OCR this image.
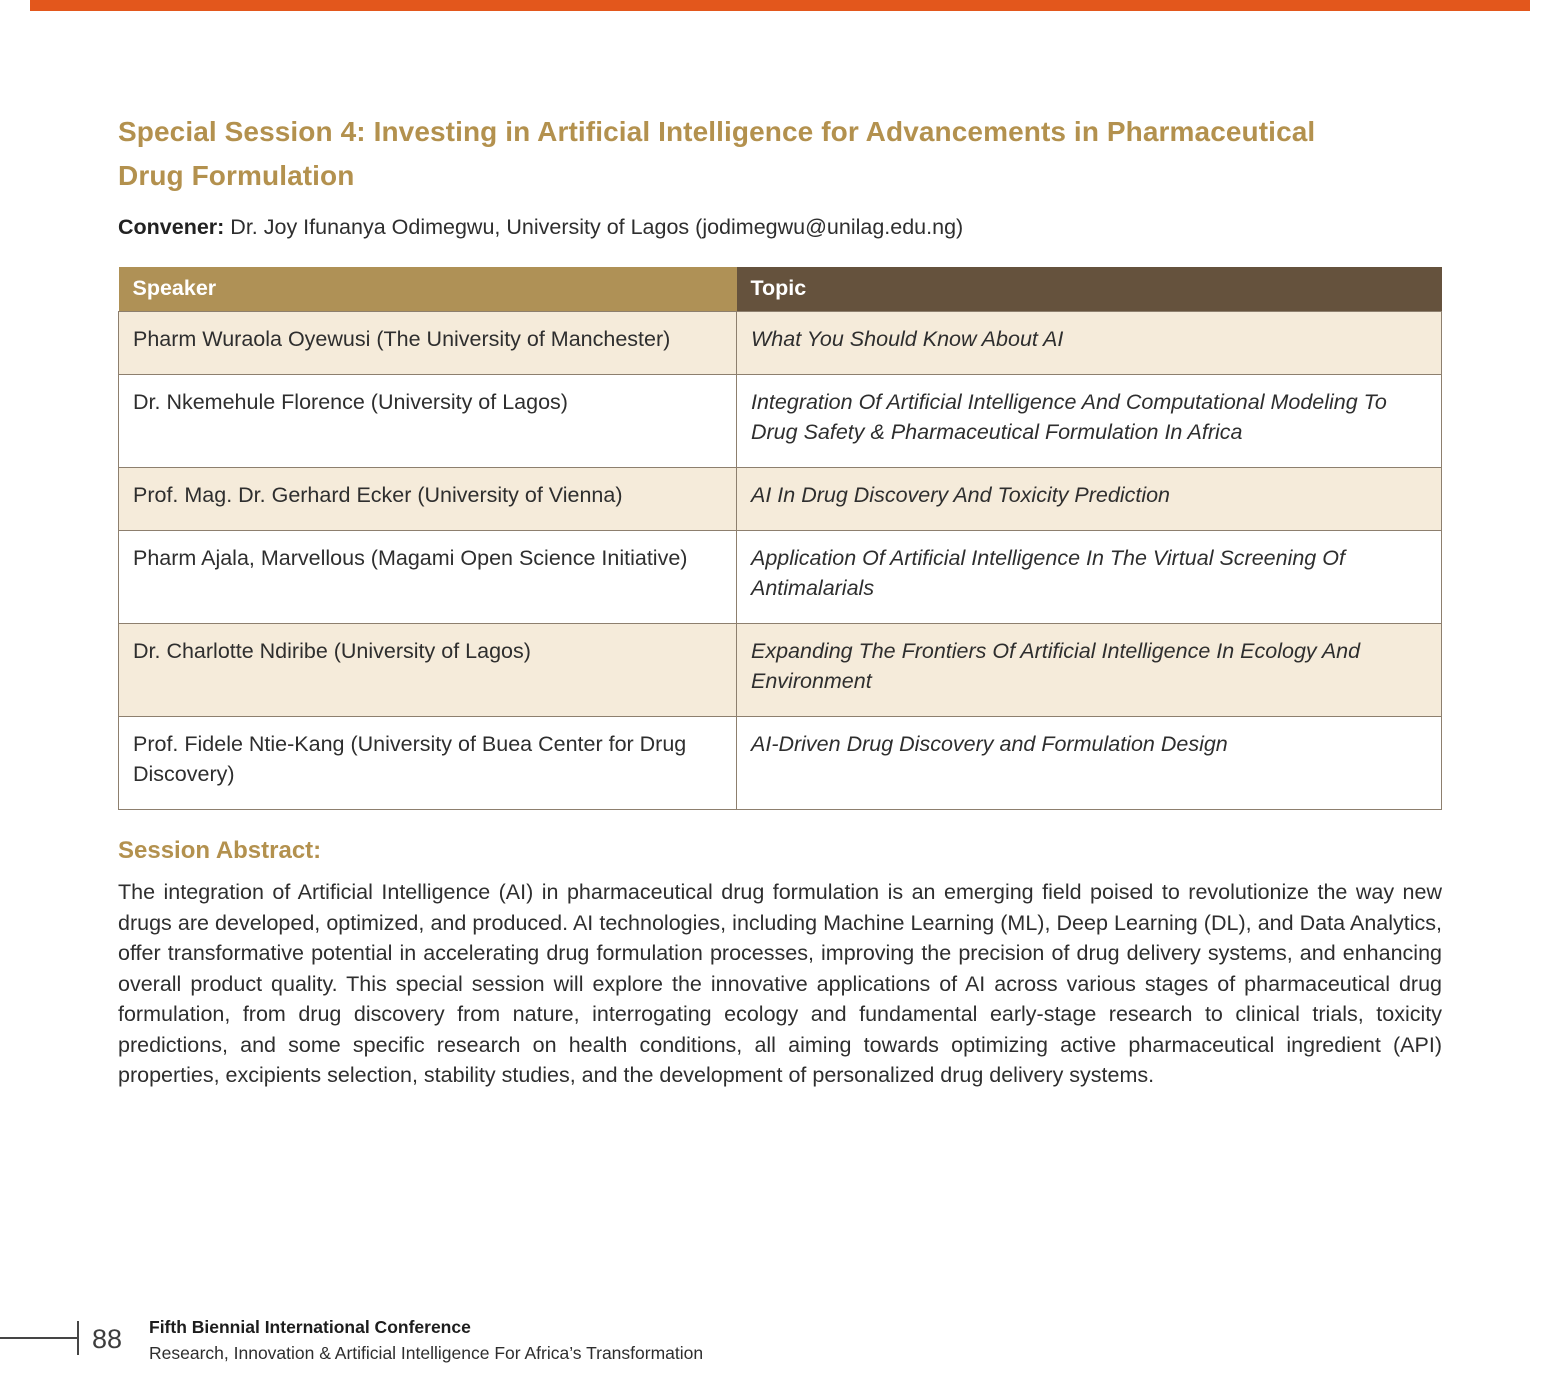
Special Session 4: Investing in Artificial Intelligence for Advancements in Pharmaceutical Drug Formulation
Convener: Dr. Joy Ifunanya Odimegwu, University of Lagos (jodimegwu@unilag.edu.ng)
Speaker	Topic
Pharm Wuraola Oyewusi (The University of Manchester)	What You Should Know About AI
Dr. Nkemehule Florence (University of Lagos)	Integration Of Artificial Intelligence And Computational Modeling To Drug Safety & Pharmaceutical Formulation In Africa
Prof. Mag. Dr. Gerhard Ecker (University of Vienna)	AI In Drug Discovery And Toxicity Prediction
Pharm Ajala, Marvellous (Magami Open Science Initiative)	Application Of Artificial Intelligence In The Virtual Screening Of Antimalarials
Dr. Charlotte Ndiribe (University of Lagos)	Expanding The Frontiers Of Artificial Intelligence In Ecology And Environment
Prof. Fidele Ntie-Kang (University of Buea Center for Drug Discovery)	AI-Driven Drug Discovery and Formulation Design
Session Abstract:
The integration of Artificial Intelligence (AI) in pharmaceutical drug formulation is an emerging field poised to revolutionize the way new drugs are developed, optimized, and produced. AI technologies, including Machine Learning (ML), Deep Learning (DL), and Data Analytics, offer transformative potential in accelerating drug formulation processes, improving the precision of drug delivery systems, and enhancing overall product quality. This special session will explore the innovative applications of AI across various stages of pharmaceutical drug formulation, from drug discovery from nature, interrogating ecology and fundamental early-stage research to clinical trials, toxicity predictions, and some specific research on health conditions, all aiming towards optimizing active pharmaceutical ingredient (API) properties, excipients selection, stability studies, and the development of personalized drug delivery systems.
88 Fifth Biennial International Conference
Research, Innovation & Artificial Intelligence For Africa’s Transformation
